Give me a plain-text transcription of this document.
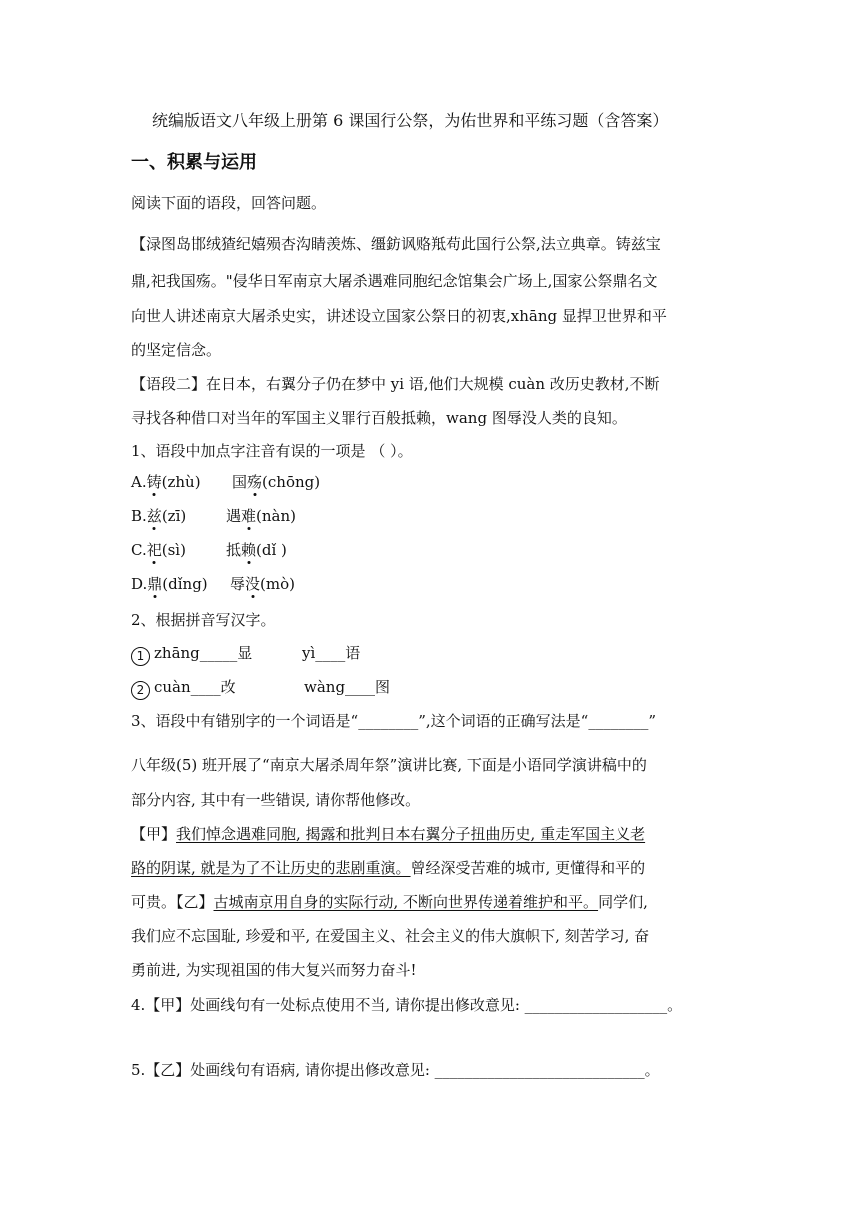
统编版语文八年级上册第 6 课国行公祭，为佑世界和平练习题（含答案）
一、积累与运用
阅读下面的语段，回答问题。
【渌图岛邯绒猹纪嬉殒杏沟睛羡炼、缰鈁讽赂羝苟此国行公祭,法立典章。铸兹宝
鼎,祀我国殇。"侵华日军南京大屠杀遇难同胞纪念馆集会广场上,国家公祭鼎名文
向世人讲述南京大屠杀史实，讲述设立国家公祭日的初衷,xhāng 显捍卫世界和平
的坚定信念。
【语段二】在日本，右翼分子仍在梦中 yi 语,他们大规模 cuàn 改历史教材,不断
寻找各种借口对当年的军国主义罪行百般抵赖，wang 图辱没人类的良知。
1、语段中加点字注音有误的一项是 （ ）。
A.铸(zhù) 国殇(chōng)
B.兹(zī)	遇难(nàn)
C.祀(sì)	抵赖(dǐ )
D.鼎(dǐng) 辱没(mò)
2、根据拼音写汉字。
1 zhāng_____显	yì____语
2 cuàn____改	wàng____图
3、语段中有错别字的一个词语是“________”,这个词语的正确写法是“________”
八年级(5) 班开展了“南京大屠杀周年祭”演讲比赛, 下面是小语同学演讲稿中的
部分内容, 其中有一些错误, 请你帮他修改。
【甲】我们悼念遇难同胞, 揭露和批判日本右翼分子扭曲历史, 重走军国主义老
路的阴谋, 就是为了不让历史的悲剧重演。曾经深受苦难的城市, 更懂得和平的
可贵。【乙】古城南京用自身的实际行动, 不断向世界传递着维护和平。同学们,
我们应不忘国耻, 珍爱和平, 在爱国主义、社会主义的伟大旗帜下, 刻苦学习, 奋
勇前进, 为实现祖国的伟大复兴而努力奋斗!
4.【甲】处画线句有一处标点使用不当, 请你提出修改意见: ___________________。
5.【乙】处画线句有语病, 请你提出修改意见: ____________________________。
